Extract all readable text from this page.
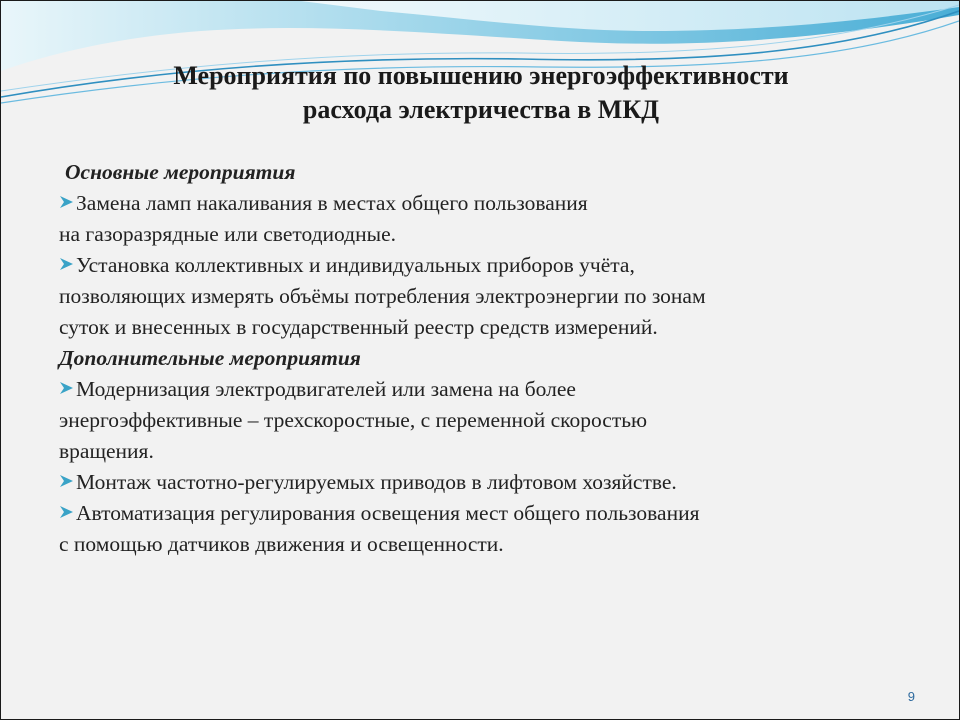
Мероприятия по повышению энергоэффективности
расхода электричества в МКД
Основные мероприятия
Замена ламп накаливания в местах общего пользования
на газоразрядные или светодиодные.
Установка коллективных и индивидуальных приборов учёта,
позволяющих измерять объёмы потребления электроэнергии по зонам
суток и внесенных в государственный реестр средств измерений.
Дополнительные мероприятия
Модернизация электродвигателей или замена на более
энергоэффективные – трехскоростные, с переменной скоростью
вращения.
Монтаж частотно-регулируемых приводов в лифтовом хозяйстве.
Автоматизация регулирования освещения мест общего пользования
с помощью датчиков движения и освещенности.
9
